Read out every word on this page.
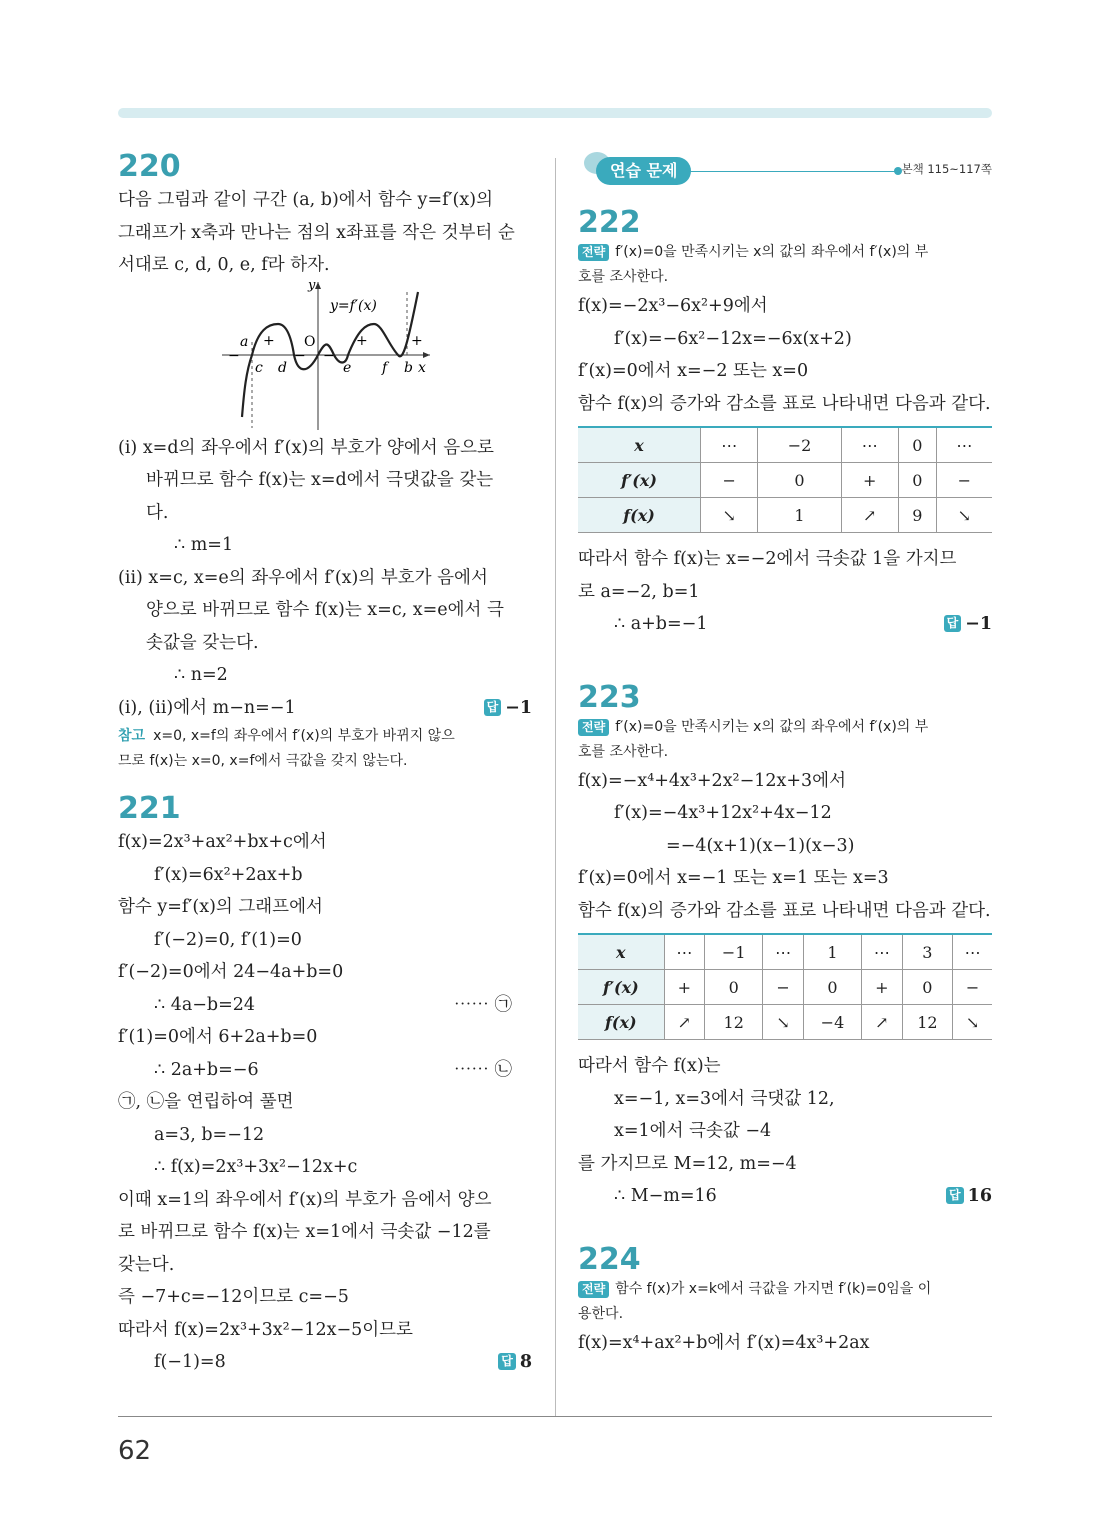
220

다음 그림과 같이 구간 (a, b)에서 함수 y=f′(x)의
그래프가 x축과 만나는 점의 x좌표를 작은 것부터 순
서대로 c, d, 0, e, f라 하자.
y
y=f′(x)
O
a +	+	+
−	− −
c d	e f b x
(ⅰ) x=d의 좌우에서 f′(x)의 부호가 양에서 음으로
바뀌므로 함수 f(x)는 x=d에서 극댓값을 갖는
다.
∴ m=1
(ⅱ) x=c, x=e의 좌우에서 f′(x)의 부호가 음에서
양으로 바뀌므로 함수 f(x)는 x=c, x=e에서 극
솟값을 갖는다.
∴ n=2
(ⅰ), (ⅱ)에서 m−n=−1	답 −1
참고 x=0, x=f의 좌우에서 f′(x)의 부호가 바뀌지 않으
므로 f(x)는 x=0, x=f에서 극값을 갖지 않는다.

221

f(x)=2x³+ax²+bx+c에서
f′(x)=6x²+2ax+b
함수 y=f′(x)의 그래프에서
f′(−2)=0, f′(1)=0
f′(−2)=0에서 24−4a+b=0
∴ 4a−b=24	⋯⋯ ㉠
f′(1)=0에서 6+2a+b=0
∴ 2a+b=−6	⋯⋯ ㉡
㉠, ㉡을 연립하여 풀면
a=3, b=−12
∴ f(x)=2x³+3x²−12x+c
이때 x=1의 좌우에서 f′(x)의 부호가 음에서 양으
로 바뀌므로 함수 f(x)는 x=1에서 극솟값 −12를
갖는다.
즉 −7+c=−12이므로 c=−5
따라서 f(x)=2x³+3x²−12x−5이므로
f(−1)=8	답 8
연습 문제	본책 115~117쪽

222

전략 f′(x)=0을 만족시키는 x의 값의 좌우에서 f′(x)의 부
호를 조사한다.
f(x)=−2x³−6x²+9에서
f′(x)=−6x²−12x=−6x(x+2)
f′(x)=0에서 x=−2 또는 x=0
함수 f(x)의 증가와 감소를 표로 나타내면 다음과 같다.
x	⋯	−2	⋯	0	⋯
f′(x)	−	0	+	0	−
f(x)	↘	1	↗	9	↘
따라서 함수 f(x)는 x=−2에서 극솟값 1을 가지므
로 a=−2, b=1
∴ a+b=−1	답 −1

223

전략 f′(x)=0을 만족시키는 x의 값의 좌우에서 f′(x)의 부
호를 조사한다.
f(x)=−x⁴+4x³+2x²−12x+3에서
f′(x)=−4x³+12x²+4x−12
=−4(x+1)(x−1)(x−3)
f′(x)=0에서 x=−1 또는 x=1 또는 x=3
함수 f(x)의 증가와 감소를 표로 나타내면 다음과 같다.
x	⋯	−1	⋯	1	⋯	3	⋯
f′(x)	+	0	−	0	+	0	−
f(x)	↗	12	↘	−4	↗	12	↘
따라서 함수 f(x)는
x=−1, x=3에서 극댓값 12,
x=1에서 극솟값 −4
를 가지므로 M=12, m=−4
∴ M−m=16	답 16

224

전략 함수 f(x)가 x=k에서 극값을 가지면 f′(k)=0임을 이
용한다.
f(x)=x⁴+ax²+b에서 f′(x)=4x³+2ax
62
